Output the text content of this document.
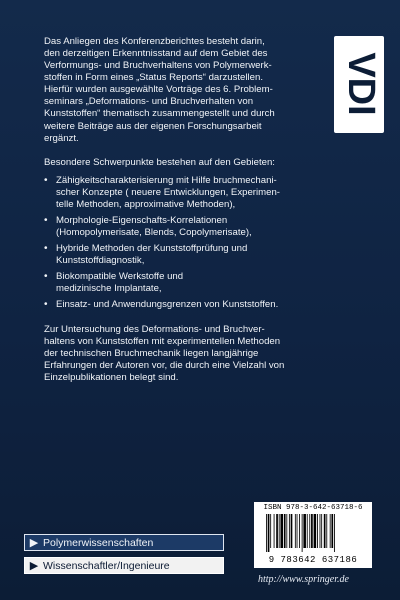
Das Anliegen des Konferenzberichtes besteht darin,
den derzeitigen Erkenntnisstand auf dem Gebiet des
Verformungs- und Bruchverhaltens von Polymerwerk-
stoffen in Form eines „Status Reports“ darzustellen.
Hierfür wurden ausgewählte Vorträge des 6. Problem-
seminars „Deformations- und Bruchverhalten von
Kunststoffen“ thematisch zusammengestellt und durch
weitere Beiträge aus der eigenen Forschungsarbeit
ergänzt.

Besondere Schwerpunkte bestehen auf den Gebieten:

• Zähigkeitscharakterisierung mit Hilfe bruchmechani-
scher Konzepte ( neuere Entwicklungen, Experimen-
telle Methoden, approximative Methoden),
• Morphologie-Eigenschafts-Korrelationen
(Homopolymerisate, Blends, Copolymerisate),
• Hybride Methoden der Kunststoffprüfung und
Kunststoffdiagnostik,
• Biokompatible Werkstoffe und
medizinische Implantate,
• Einsatz- und Anwendungsgrenzen von Kunststoffen.

Zur Untersuchung des Deformations- und Bruchver-
haltens von Kunststoffen mit experimentellen Methoden
der technischen Bruchmechanik liegen langjährige
Erfahrungen der Autoren vor, die durch eine Vielzahl von
Einzelpublikationen belegt sind.

VDI
▶ Polymerwissenschaften
▶ Wissenschaftler/Ingenieure
ISBN 978-3-642-63718-6
9 783642 637186
http://www.springer.de
